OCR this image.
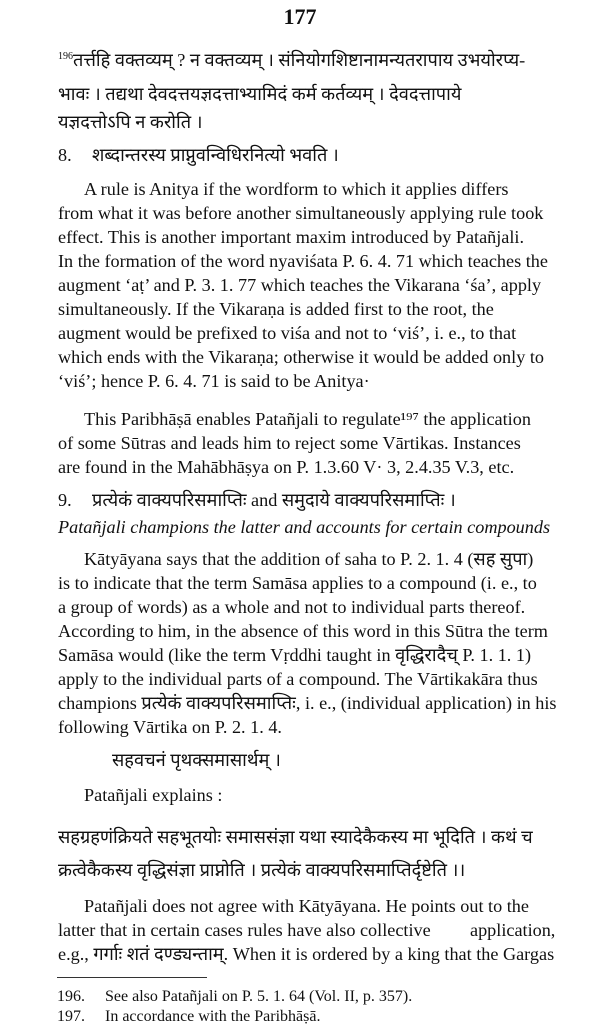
177
$^{196}$तर्त्तहि वक्तव्यम् ? न वक्तव्यम् । संनियोगशिष्टानामन्यतरापाय उभयोरप्य-
भावः । तद्यथा देवदत्तयज्ञदत्ताभ्यामिदं कर्म कर्तव्यम् । देवदत्तापाये
यज्ञदत्तोऽपि न करोति ।
8. शब्दान्तरस्य प्राप्नुवन्विधिरनित्यो भवति ।
A rule is Anitya if the wordform to which it applies differs
from what it was before another simultaneously applying rule took
effect. This is another important maxim introduced by Patañjali.
In the formation of the word nyaviśata P. 6. 4. 71 which teaches the
augment ‘aṭ’ and P. 3. 1. 77 which teaches the Vikarana ‘śa’, apply
simultaneously. If the Vikaraṇa is added first to the root, the
augment would be prefixed to viśa and not to ‘viś’, i. e., to that
which ends with the Vikaraṇa; otherwise it would be added only to
‘viś’; hence P. 6. 4. 71 is said to be Anitya·
This Paribhāṣā enables Patañjali to regulate¹⁹⁷ the application
of some Sūtras and leads him to reject some Vārtikas. Instances
are found in the Mahābhāṣya on P. 1.3.60 V· 3, 2.4.35 V.3, etc.
9. प्रत्येकं वाक्यपरिसमाप्तिः and समुदाये वाक्यपरिसमाप्तिः ।
Patañjali champions the latter and accounts for certain compounds
Kātyāyana says that the addition of saha to P. 2. 1. 4 (सह सुपा)
is to indicate that the term Samāsa applies to a compound (i. e., to
a group of words) as a whole and not to individual parts thereof.
According to him, in the absence of this word in this Sūtra the term
Samāsa would (like the term Vṛddhi taught in वृद्धिरादैच् P. 1. 1. 1)
apply to the individual parts of a compound. The Vārtikakāra thus
champions प्रत्येकं वाक्यपरिसमाप्तिः, i. e., (individual application) in his
following Vārtika on P. 2. 1. 4.
सहवचनं पृथक्समासार्थम् ।
Patañjali explains :
सहग्रहणंक्रियते सहभूतयोः समाससंज्ञा यथा स्यादेकैकस्य मा भूदिति । कथं च
क्रत्वेकैकस्य वृद्धिसंज्ञा प्राप्नोति । प्रत्येकं वाक्यपरिसमाप्तिर्दृष्टेति ।।
Patañjali does not agree with Kātyāyana. He points out to the
latter that in certain cases rules have also collective application,
e.g., गर्गाः शतं दण्ड्यन्ताम्. When it is ordered by a king that the Gargas
196. See also Patañjali on P. 5. 1. 64 (Vol. II, p. 357).
197. In accordance with the Paribhāṣā.
